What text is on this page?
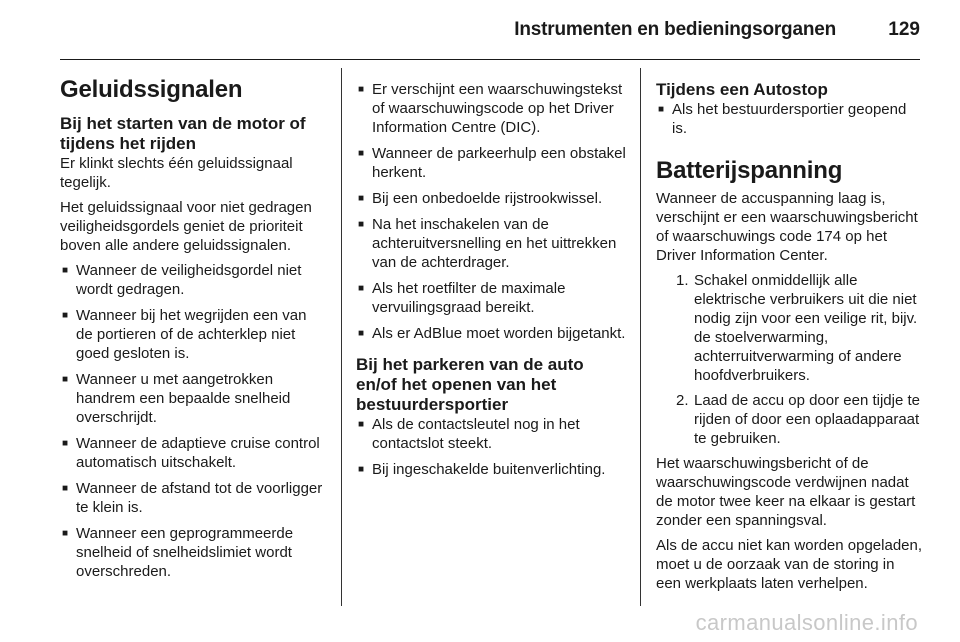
Instrumenten en bedieningsorganen	129
Geluidssignalen
Bij het starten van de motor of tijdens het rijden

Er klinkt slechts één geluidssignaal tegelijk.

Het geluidssignaal voor niet gedragen veiligheidsgordels geniet de prioriteit boven alle andere geluidssignalen.

■ Wanneer de veiligheidsgordel niet wordt gedragen.
■ Wanneer bij het wegrijden een van de portieren of de achterklep niet goed gesloten is.
■ Wanneer u met aangetrokken handrem een bepaalde snelheid overschrijdt.
■ Wanneer de adaptieve cruise control automatisch uitschakelt.
■ Wanneer de afstand tot de voorligger te klein is.
■ Wanneer een geprogrammeerde snelheid of snelheidslimiet wordt overschreden.
■ Er verschijnt een waarschuwingstekst of waarschuwingscode op het Driver Information Centre (DIC).
■ Wanneer de parkeerhulp een obstakel herkent.
■ Bij een onbedoelde rijstrookwissel.
■ Na het inschakelen van de achteruitversnelling en het uittrekken van de achterdrager.
■ Als het roetfilter de maximale vervuilingsgraad bereikt.
■ Als er AdBlue moet worden bijgetankt.
Bij het parkeren van de auto en/of het openen van het bestuurdersportier
■ Als de contactsleutel nog in het contactslot steekt.
■ Bij ingeschakelde buitenverlichting.
Tijdens een Autostop
■ Als het bestuurdersportier geopend is.
Batterijspanning

Wanneer de accuspanning laag is, verschijnt er een waarschuwingsbericht of waarschuwings code 174 op het Driver Information Center.

1. Schakel onmiddellijk alle elektrische verbruikers uit die niet nodig zijn voor een veilige rit, bijv. de stoelverwarming, achterruitverwarming of andere hoofdverbruikers.
2. Laad de accu op door een tijdje te rijden of door een oplaadapparaat te gebruiken.

Het waarschuwingsbericht of de waarschuwingscode verdwijnen nadat de motor twee keer na elkaar is gestart zonder een spanningsval.

Als de accu niet kan worden opgeladen, moet u de oorzaak van de storing in een werkplaats laten verhelpen.

carmanualsonline.info
